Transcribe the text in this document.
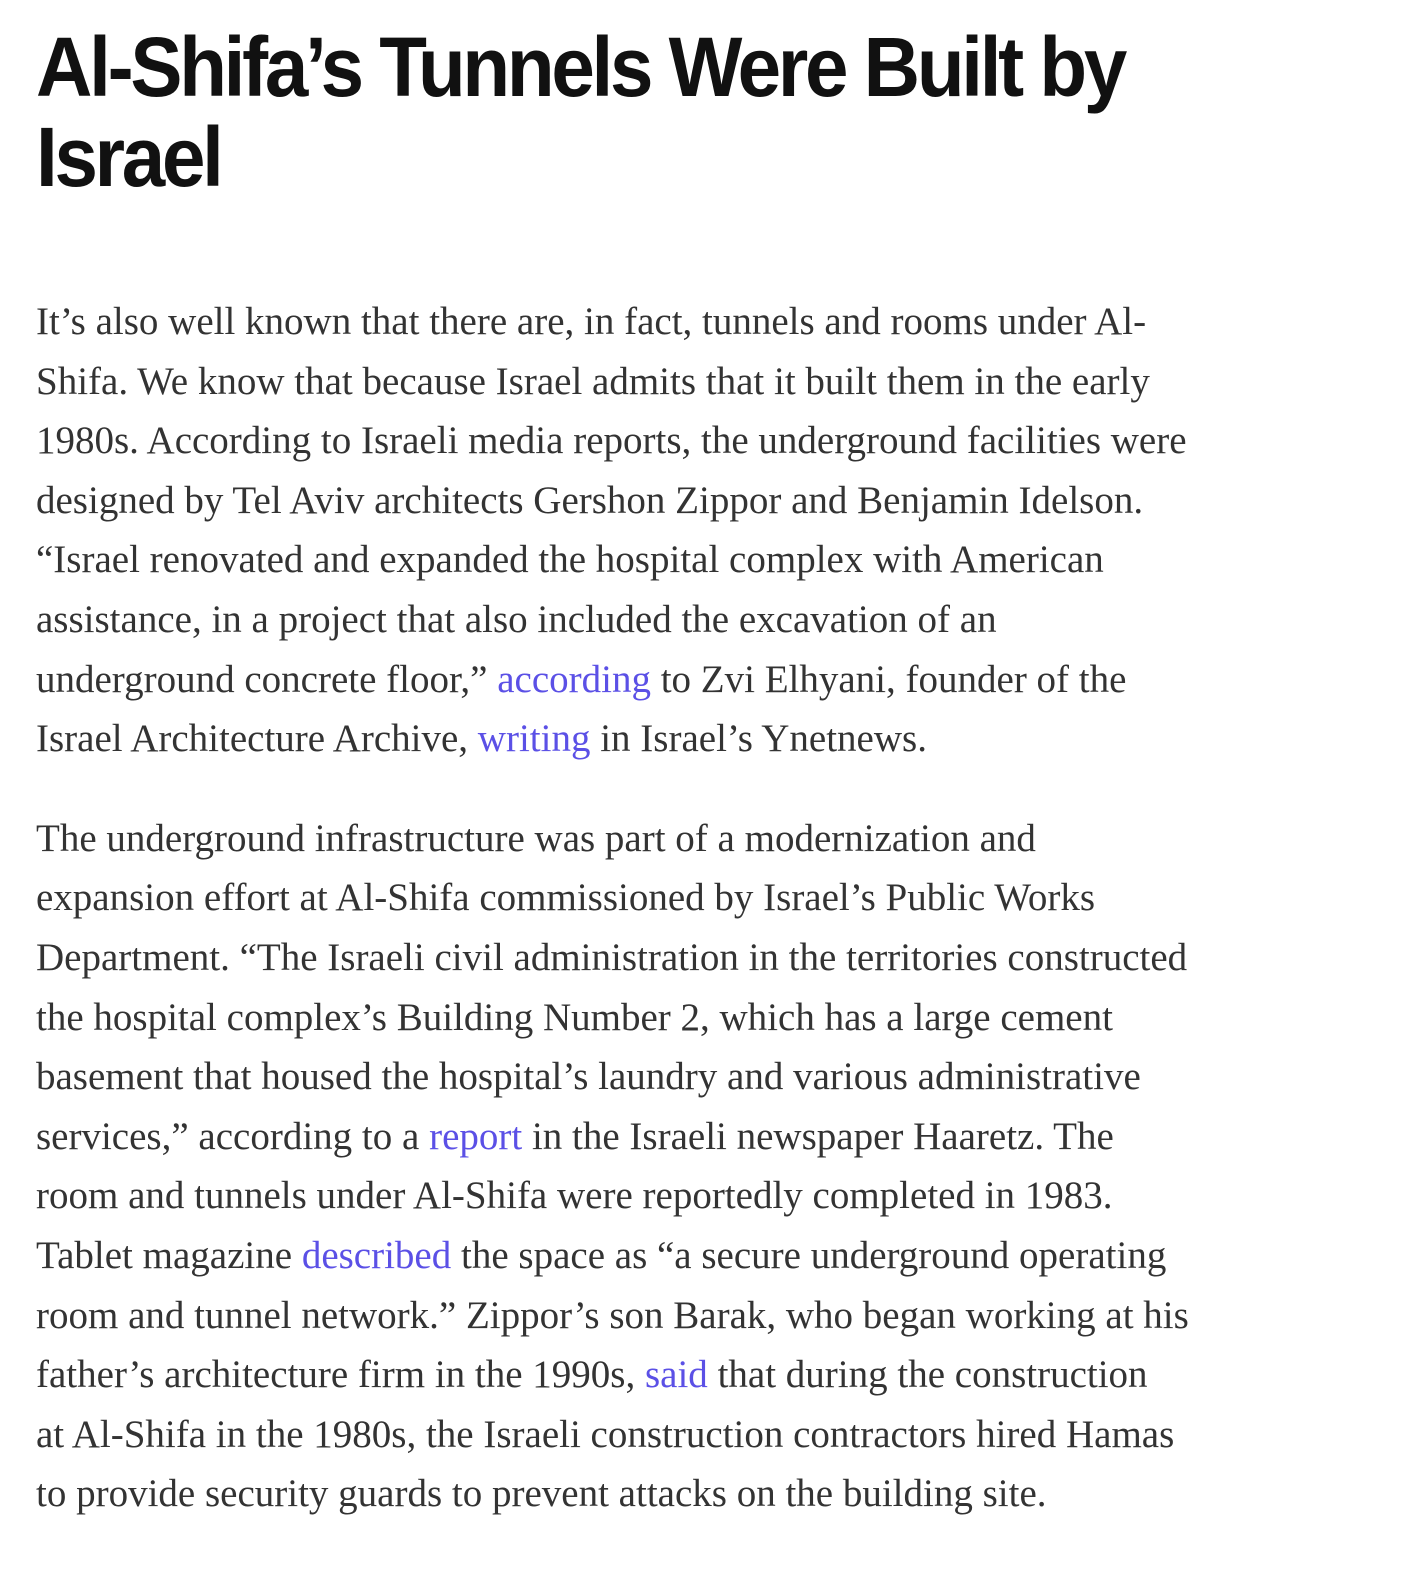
Al-Shifa’s Tunnels Were Built by
Israel

It’s also well known that there are, in fact, tunnels and rooms under Al-
Shifa. We know that because Israel admits that it built them in the early
1980s. According to Israeli media reports, the underground facilities were
designed by Tel Aviv architects Gershon Zippor and Benjamin Idelson.
“Israel renovated and expanded the hospital complex with American
assistance, in a project that also included the excavation of an
underground concrete floor,” according to Zvi Elhyani, founder of the
Israel Architecture Archive, writing in Israel’s Ynetnews.

The underground infrastructure was part of a modernization and
expansion effort at Al-Shifa commissioned by Israel’s Public Works
Department. “The Israeli civil administration in the territories constructed
the hospital complex’s Building Number 2, which has a large cement
basement that housed the hospital’s laundry and various administrative
services,” according to a report in the Israeli newspaper Haaretz. The
room and tunnels under Al-Shifa were reportedly completed in 1983.
Tablet magazine described the space as “a secure underground operating
room and tunnel network.” Zippor’s son Barak, who began working at his
father’s architecture firm in the 1990s, said that during the construction
at Al-Shifa in the 1980s, the Israeli construction contractors hired Hamas
to provide security guards to prevent attacks on the building site.
